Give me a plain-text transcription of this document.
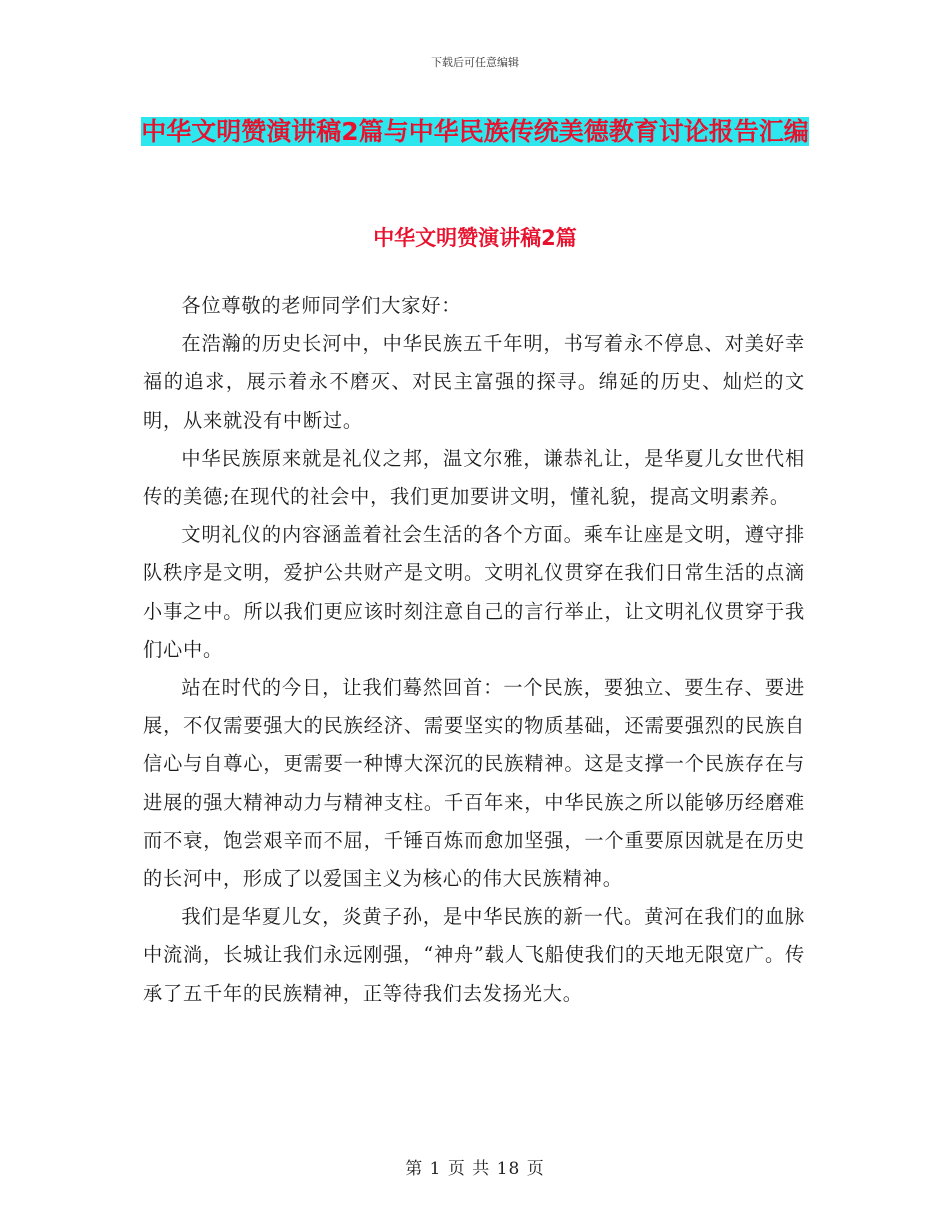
下载后可任意编辑
中华文明赞演讲稿2篇与中华民族传统美德教育讨论报告汇编
中华文明赞演讲稿2篇

各位尊敬的老师同学们大家好：

在浩瀚的历史长河中，中华民族五千年明，书写着永不停息、对美好幸福的追求，展示着永不磨灭、对民主富强的探寻。绵延的历史、灿烂的文明，从来就没有中断过。

中华民族原来就是礼仪之邦，温文尔雅，谦恭礼让，是华夏儿女世代相传的美德;在现代的社会中，我们更加要讲文明，懂礼貌，提高文明素养。

文明礼仪的内容涵盖着社会生活的各个方面。乘车让座是文明，遵守排队秩序是文明，爱护公共财产是文明。文明礼仪贯穿在我们日常生活的点滴小事之中。所以我们更应该时刻注意自己的言行举止，让文明礼仪贯穿于我们心中。

站在时代的今日，让我们蓦然回首：一个民族，要独立、要生存、要进展，不仅需要强大的民族经济、需要坚实的物质基础，还需要强烈的民族自信心与自尊心，更需要一种博大深沉的民族精神。这是支撑一个民族存在与进展的强大精神动力与精神支柱。千百年来，中华民族之所以能够历经磨难而不衰，饱尝艰辛而不屈，千锤百炼而愈加坚强，一个重要原因就是在历史的长河中，形成了以爱国主义为核心的伟大民族精神。

我们是华夏儿女，炎黄子孙，是中华民族的新一代。黄河在我们的血脉中流淌，长城让我们永远刚强，“神舟”载人飞船使我们的天地无限宽广。传承了五千年的民族精神，正等待我们去发扬光大。

第 1 页 共 18 页
